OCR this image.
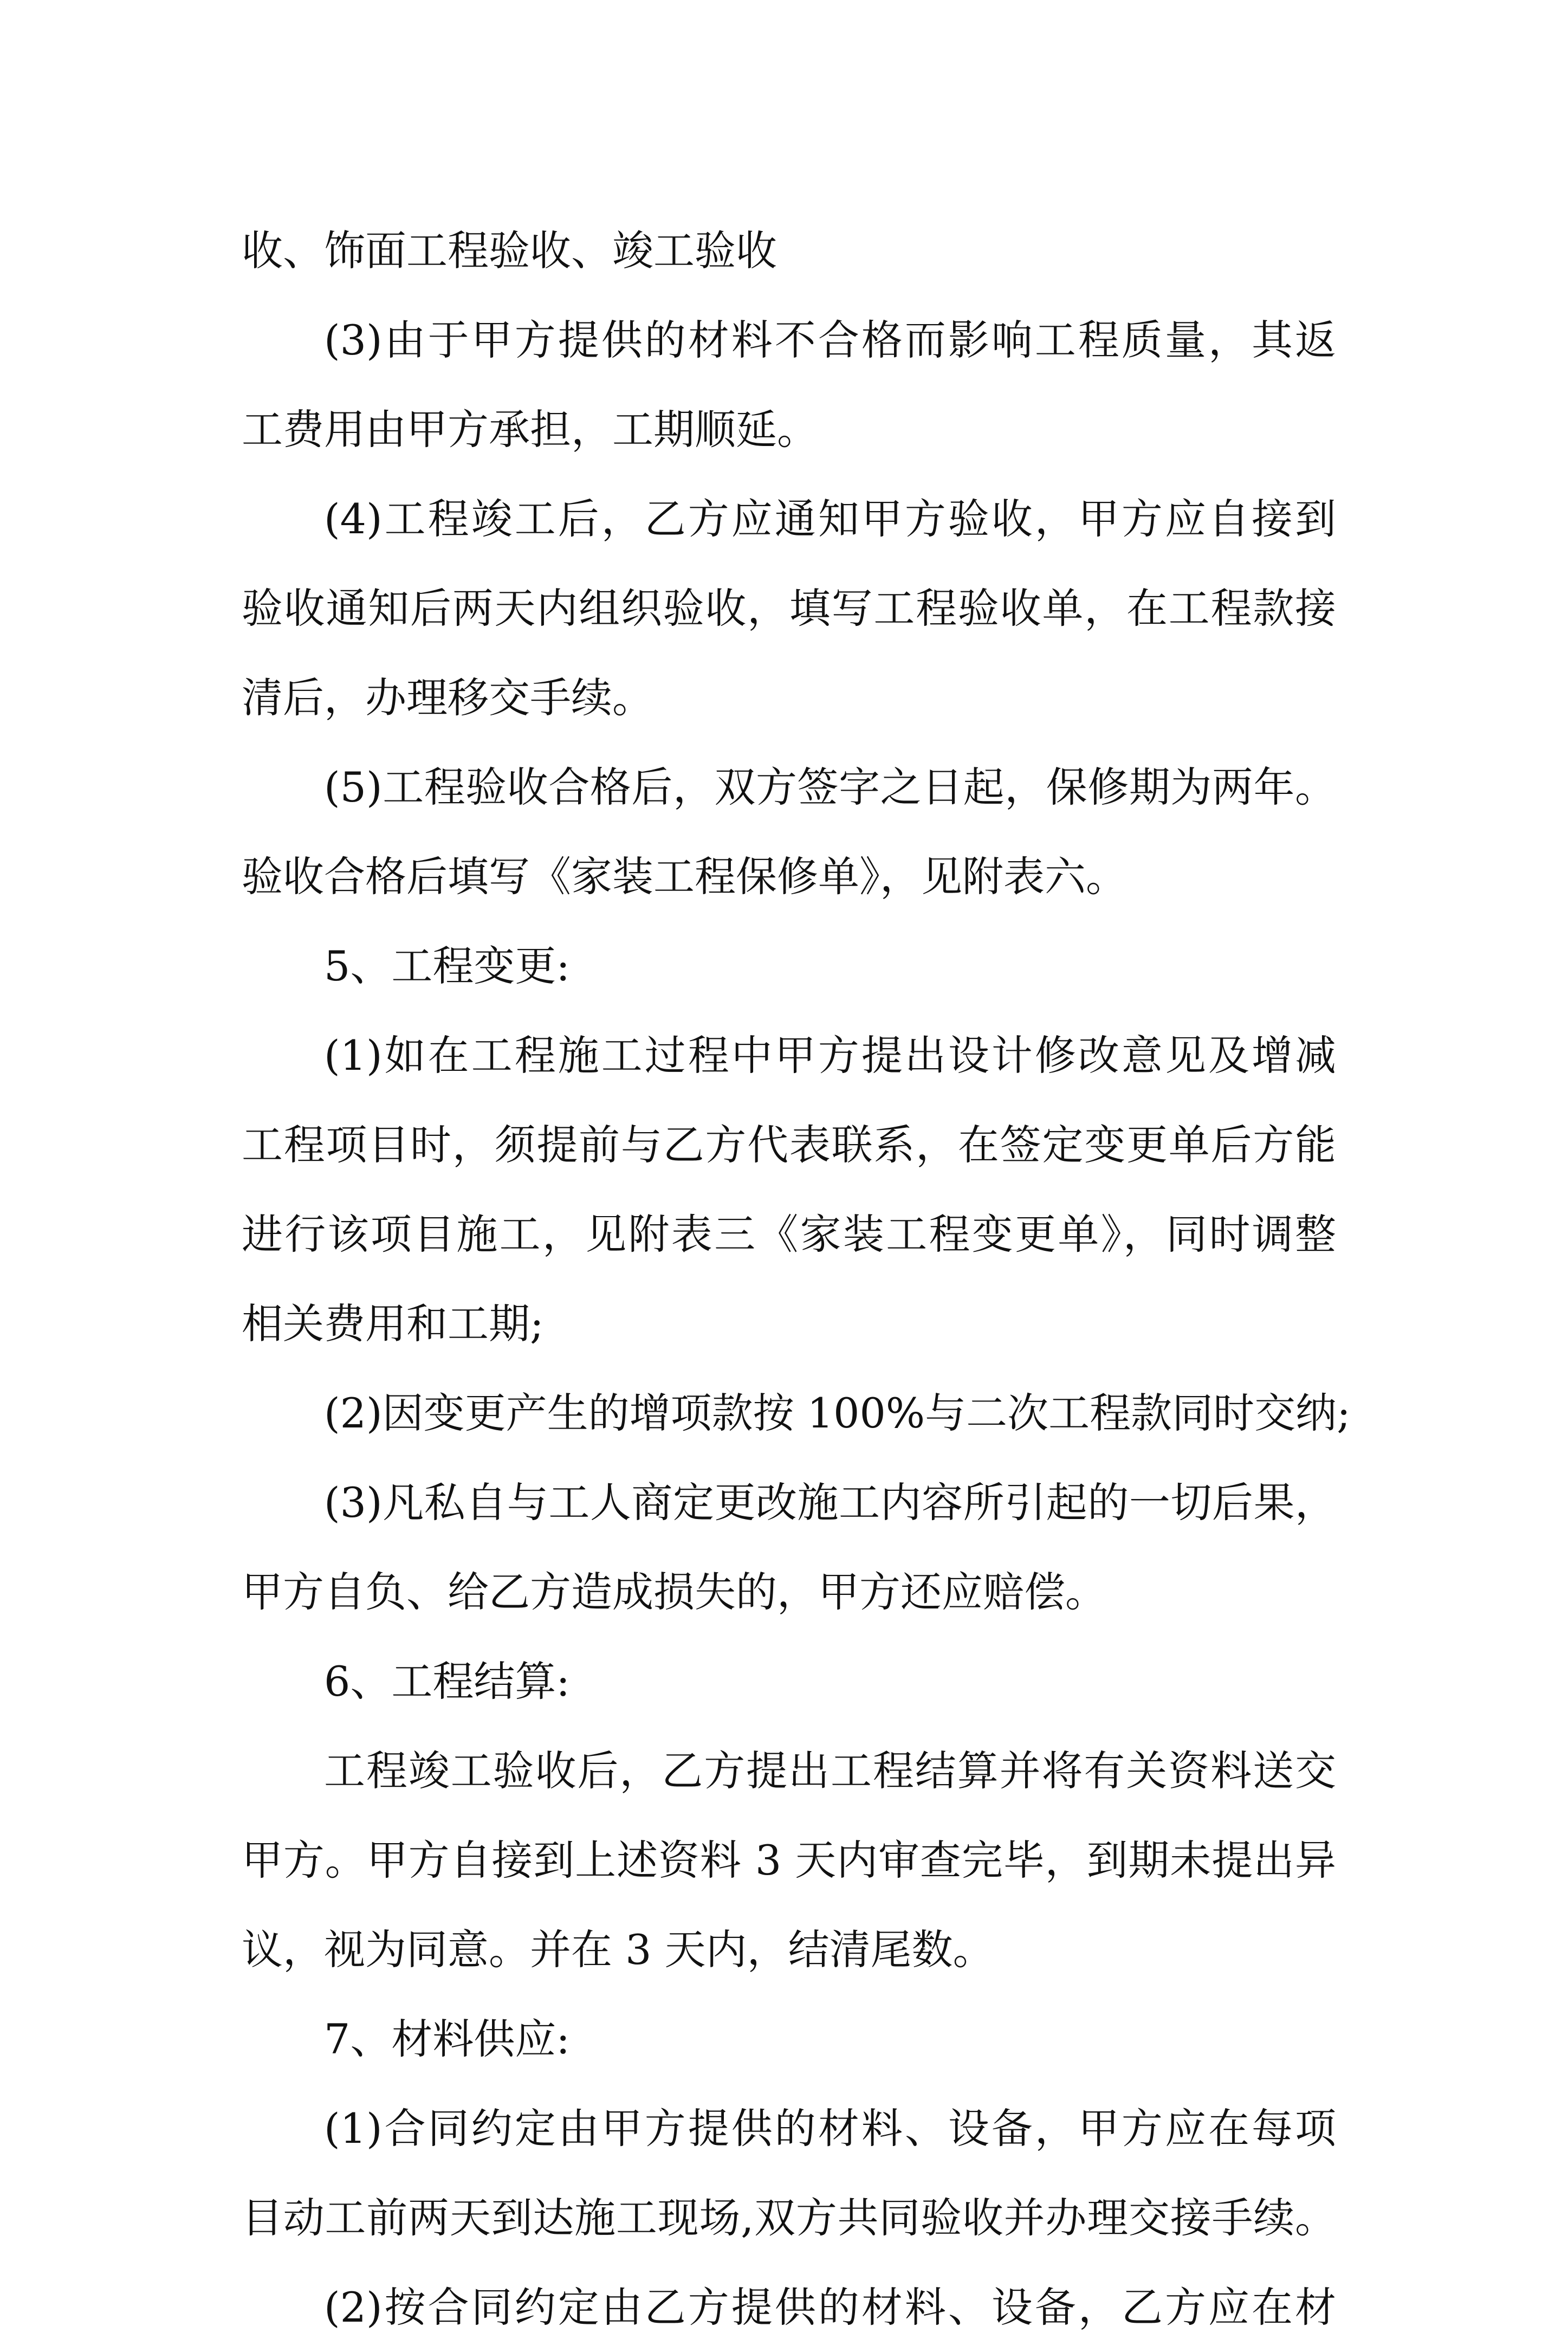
收、饰面工程验收、竣工验收
(3)由于甲方提供的材料不合格而影响工程质量，其返
工费用由甲方承担，工期顺延。
(4)工程竣工后，乙方应通知甲方验收，甲方应自接到
验收通知后两天内组织验收，填写工程验收单，在工程款接
清后，办理移交手续。
(5)工程验收合格后，双方签字之日起，保修期为两年。
验收合格后填写《家装工程保修单》，见附表六。
5、工程变更:
(1)如在工程施工过程中甲方提出设计修改意见及增减
工程项目时，须提前与乙方代表联系，在签定变更单后方能
进行该项目施工，见附表三《家装工程变更单》，同时调整
相关费用和工期;
(2)因变更产生的增项款按 100%与二次工程款同时交纳;
(3)凡私自与工人商定更改施工内容所引起的一切后果，
甲方自负、给乙方造成损失的，甲方还应赔偿。
6、工程结算:
工程竣工验收后，乙方提出工程结算并将有关资料送交
甲方。甲方自接到上述资料 3 天内审查完毕，到期未提出异
议，视为同意。并在 3 天内，结清尾数。
7、材料供应:
(1)合同约定由甲方提供的材料、设备，甲方应在每项
目动工前两天到达施工现场,双方共同验收并办理交接手续。
(2)按合同约定由乙方提供的材料、设备，乙方应在材
